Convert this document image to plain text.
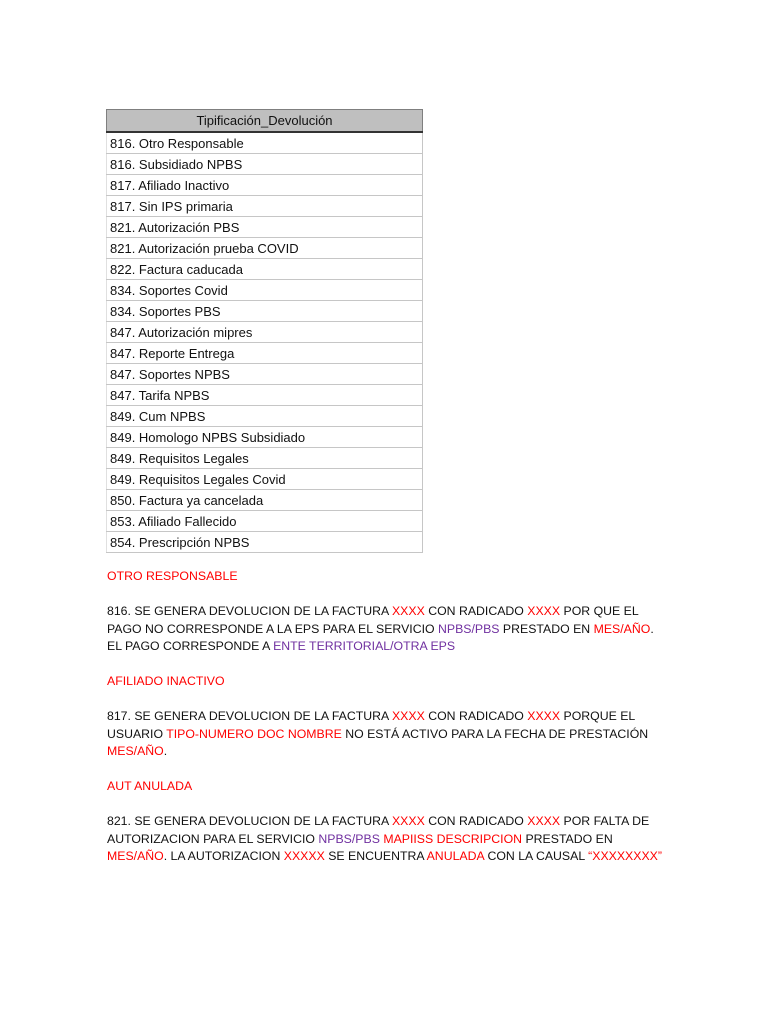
Tipificación_Devolución
816. Otro Responsable
816. Subsidiado NPBS
817. Afiliado Inactivo
817. Sin IPS primaria
821. Autorización PBS
821. Autorización prueba COVID
822. Factura caducada
834. Soportes Covid
834. Soportes PBS
847. Autorización mipres
847. Reporte Entrega
847. Soportes NPBS
847. Tarifa NPBS
849. Cum NPBS
849. Homologo NPBS Subsidiado
849. Requisitos Legales
849. Requisitos Legales Covid
850. Factura ya cancelada
853. Afiliado Fallecido
854. Prescripción NPBS

OTRO RESPONSABLE

816. SE GENERA DEVOLUCION DE LA FACTURA XXXX CON RADICADO XXXX POR QUE EL PAGO NO CORRESPONDE A LA EPS PARA EL SERVICIO NPBS/PBS PRESTADO EN MES/AÑO. EL PAGO CORRESPONDE A ENTE TERRITORIAL/OTRA EPS

AFILIADO INACTIVO

817. SE GENERA DEVOLUCION DE LA FACTURA XXXX CON RADICADO XXXX PORQUE EL USUARIO TIPO-NUMERO DOC NOMBRE NO ESTÁ ACTIVO PARA LA FECHA DE PRESTACIÓN MES/AÑO.

AUT ANULADA

821. SE GENERA DEVOLUCION DE LA FACTURA XXXX CON RADICADO XXXX POR FALTA DE AUTORIZACION PARA EL SERVICIO NPBS/PBS MAPIISS DESCRIPCION PRESTADO EN MES/AÑO. LA AUTORIZACION XXXXX SE ENCUENTRA ANULADA CON LA CAUSAL “XXXXXXXX”
